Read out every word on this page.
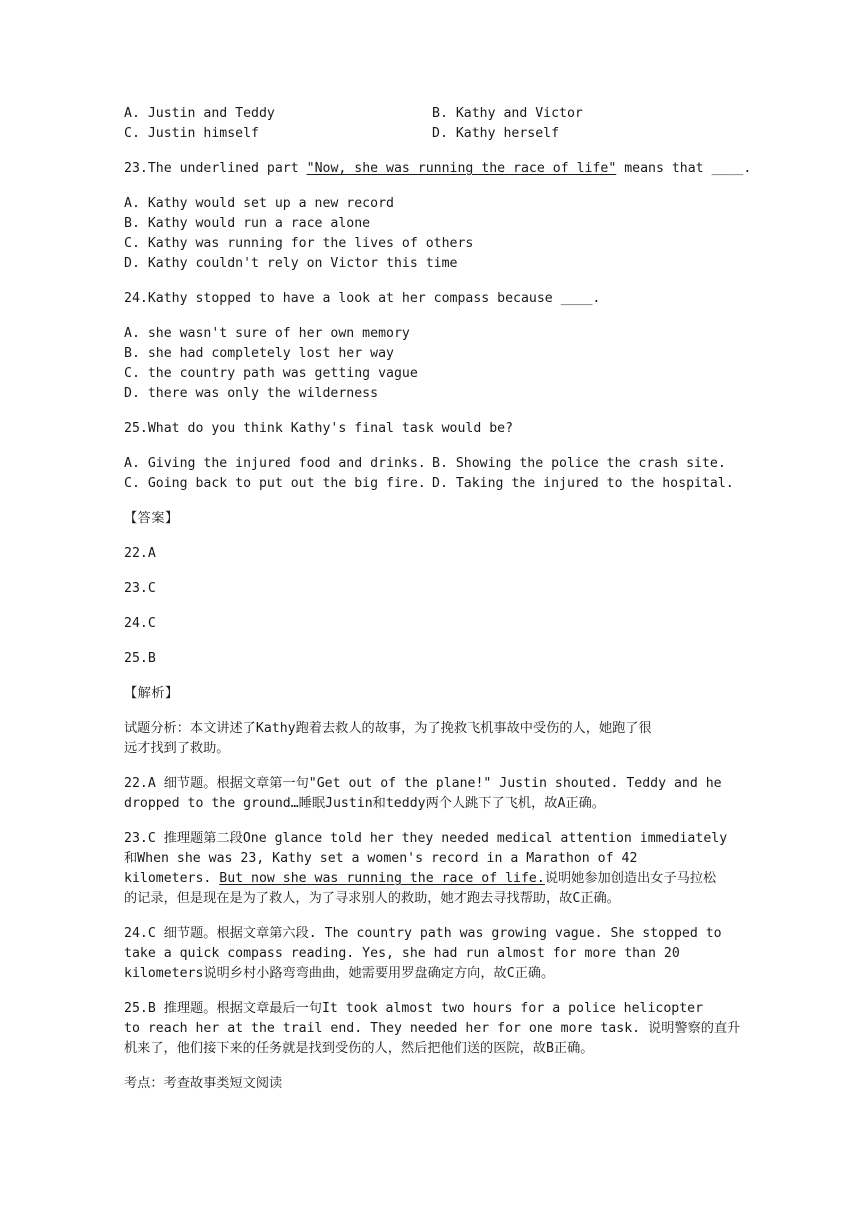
A. Justin and Teddy	B. Kathy and Victor
C. Justin himself	D. Kathy herself
23.The underlined part "Now, she was running the race of life" means that ____.
A. Kathy would set up a new record
B. Kathy would run a race alone
C. Kathy was running for the lives of others
D. Kathy couldn't rely on Victor this time
24.Kathy stopped to have a look at her compass because ____.
A. she wasn't sure of her own memory
B. she had completely lost her way
C. the country path was getting vague
D. there was only the wilderness
25.What do you think Kathy's final task would be?
A. Giving the injured food and drinks. B. Showing the police the crash site.
C. Going back to put out the big fire. D. Taking the injured to the hospital.
【答案】
22.A
23.C
24.C
25.B
【解析】
试题分析：本文讲述了Kathy跑着去救人的故事，为了挽救飞机事故中受伤的人，她跑了很
远才找到了救助。
22.A 细节题。根据文章第一句"Get out of the plane!" Justin shouted. Teddy and he
dropped to the ground…睡眠Justin和teddy两个人跳下了飞机，故A正确。
23.C 推理题第二段One glance told her they needed medical attention immediately
和When she was 23, Kathy set a women's record in a Marathon of 42
kilometers. But now she was running the race of life.说明她参加创造出女子马拉松
的记录，但是现在是为了救人，为了寻求别人的救助，她才跑去寻找帮助，故C正确。
24.C 细节题。根据文章第六段. The country path was growing vague. She stopped to
take a quick compass reading. Yes, she had run almost for more than 20
kilometers说明乡村小路弯弯曲曲，她需要用罗盘确定方向，故C正确。
25.B 推理题。根据文章最后一句It took almost two hours for a police helicopter
to reach her at the trail end. They needed her for one more task. 说明警察的直升
机来了，他们接下来的任务就是找到受伤的人，然后把他们送的医院，故B正确。
考点：考查故事类短文阅读
